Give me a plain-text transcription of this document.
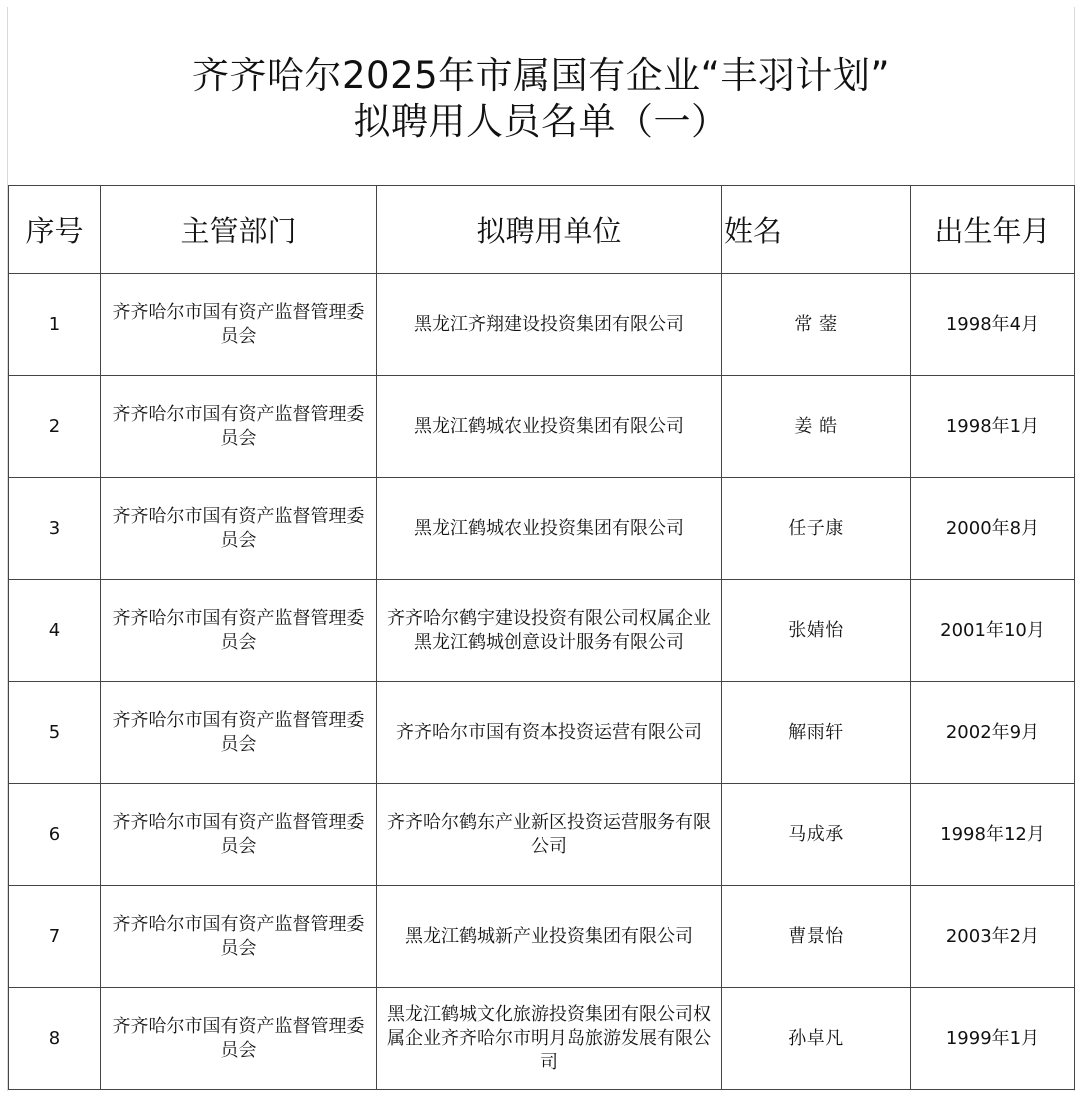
齐齐哈尔2025年市属国有企业“丰羽计划”
拟聘用人员名单（一）
序号	主管部门	拟聘用单位	姓名	出生年月
1	齐齐哈尔市国有资产监督管理委员会	黑龙江齐翔建设投资集团有限公司	常 蓥	1998年4月
2	齐齐哈尔市国有资产监督管理委员会	黑龙江鹤城农业投资集团有限公司	姜 皓	1998年1月
3	齐齐哈尔市国有资产监督管理委员会	黑龙江鹤城农业投资集团有限公司	任子康	2000年8月
4	齐齐哈尔市国有资产监督管理委员会	齐齐哈尔鹤宇建设投资有限公司权属企业黑龙江鹤城创意设计服务有限公司	张婧怡	2001年10月
5	齐齐哈尔市国有资产监督管理委员会	齐齐哈尔市国有资本投资运营有限公司	解雨轩	2002年9月
6	齐齐哈尔市国有资产监督管理委员会	齐齐哈尔鹤东产业新区投资运营服务有限公司	马成承	1998年12月
7	齐齐哈尔市国有资产监督管理委员会	黑龙江鹤城新产业投资集团有限公司	曹景怡	2003年2月
8	齐齐哈尔市国有资产监督管理委员会	黑龙江鹤城文化旅游投资集团有限公司权属企业齐齐哈尔市明月岛旅游发展有限公司	孙卓凡	1999年1月
